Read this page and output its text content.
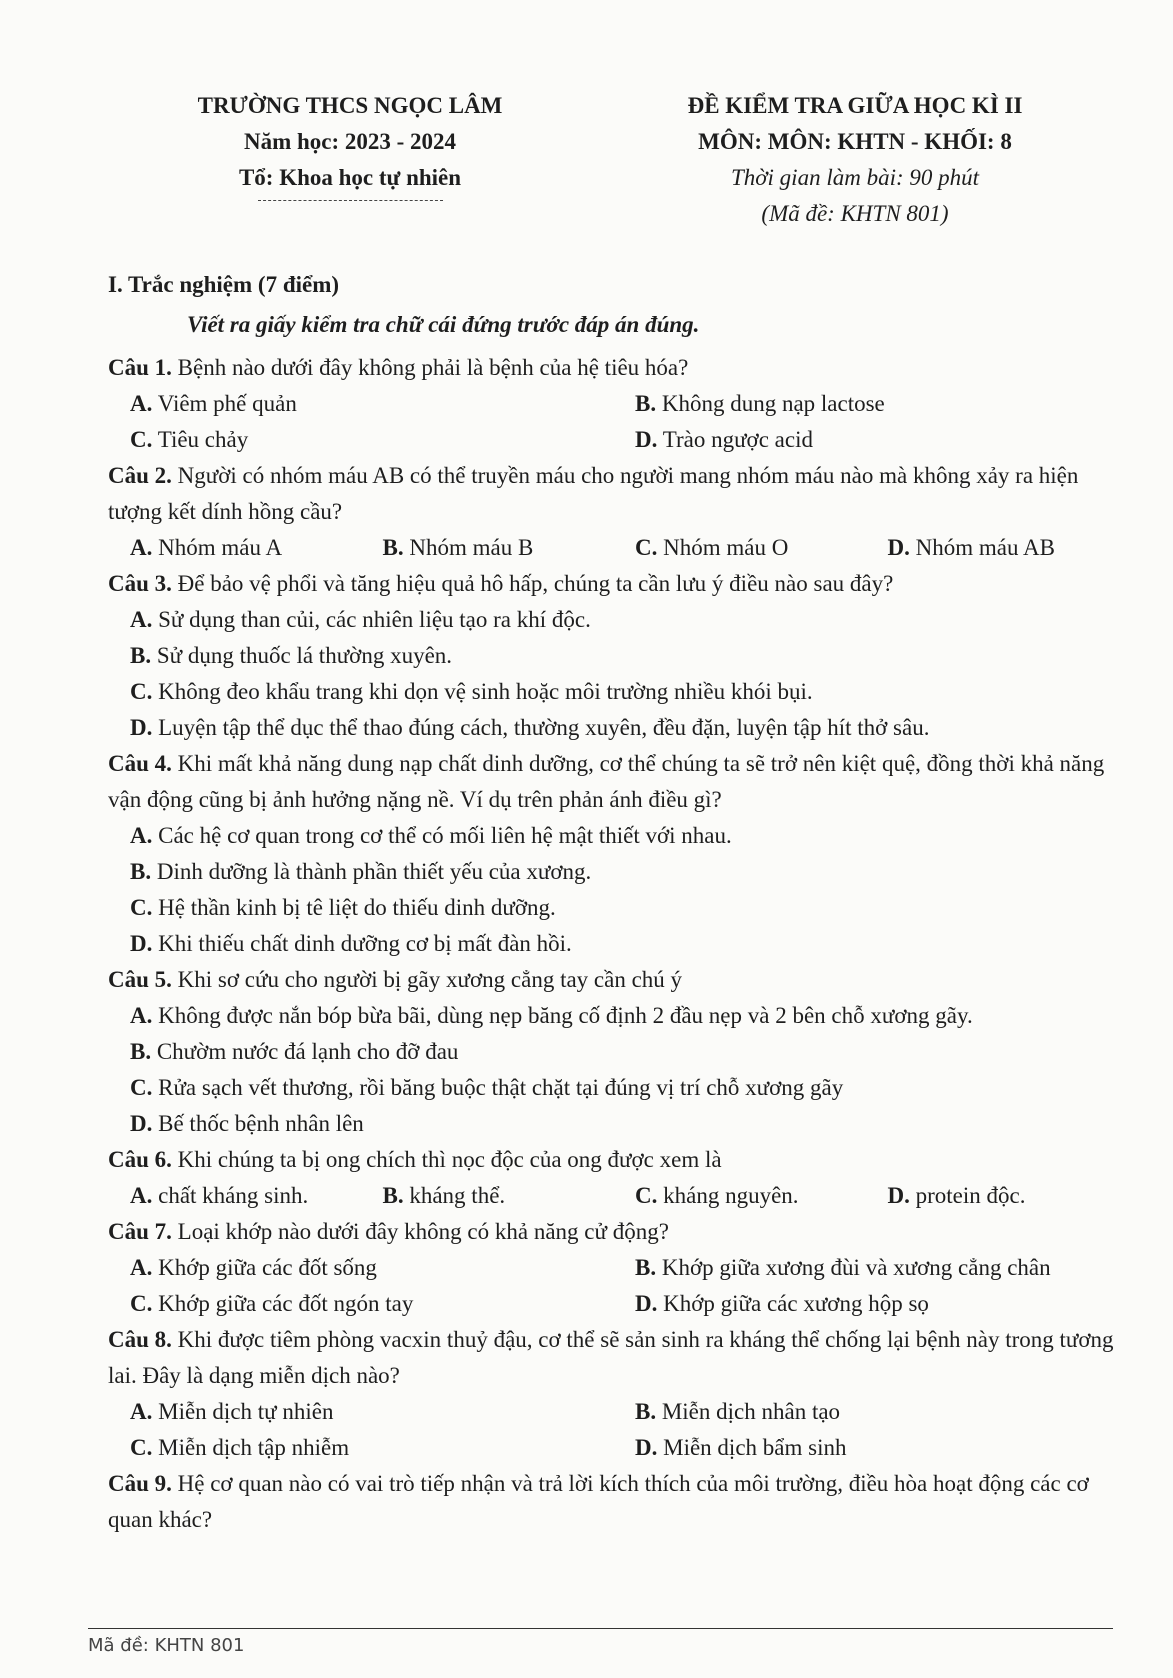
TRƯỜNG THCS NGỌC LÂM
Năm học: 2023 - 2024
Tổ: Khoa học tự nhiên
ĐỀ KIỂM TRA GIỮA HỌC KÌ II
MÔN: MÔN: KHTN - KHỐI: 8
Thời gian làm bài: 90 phút
(Mã đề: KHTN 801)
I. Trắc nghiệm (7 điểm)
Viết ra giấy kiểm tra chữ cái đứng trước đáp án đúng.
Câu 1. Bệnh nào dưới đây không phải là bệnh của hệ tiêu hóa?
A. Viêm phế quản	B. Không dung nạp lactose
C. Tiêu chảy	D. Trào ngược acid
Câu 2. Người có nhóm máu AB có thể truyền máu cho người mang nhóm máu nào mà không xảy ra hiện tượng kết dính hồng cầu?
A. Nhóm máu A	B. Nhóm máu B	C. Nhóm máu O	D. Nhóm máu AB
Câu 3. Để bảo vệ phổi và tăng hiệu quả hô hấp, chúng ta cần lưu ý điều nào sau đây?
A. Sử dụng than củi, các nhiên liệu tạo ra khí độc.
B. Sử dụng thuốc lá thường xuyên.
C. Không đeo khẩu trang khi dọn vệ sinh hoặc môi trường nhiều khói bụi.
D. Luyện tập thể dục thể thao đúng cách, thường xuyên, đều đặn, luyện tập hít thở sâu.
Câu 4. Khi mất khả năng dung nạp chất dinh dưỡng, cơ thể chúng ta sẽ trở nên kiệt quệ, đồng thời khả năng vận động cũng bị ảnh hưởng nặng nề. Ví dụ trên phản ánh điều gì?
A. Các hệ cơ quan trong cơ thể có mối liên hệ mật thiết với nhau.
B. Dinh dưỡng là thành phần thiết yếu của xương.
C. Hệ thần kinh bị tê liệt do thiếu dinh dưỡng.
D. Khi thiếu chất dinh dưỡng cơ bị mất đàn hồi.
Câu 5. Khi sơ cứu cho người bị gãy xương cẳng tay cần chú ý
A. Không được nắn bóp bừa bãi, dùng nẹp băng cố định 2 đầu nẹp và 2 bên chỗ xương gãy.
B. Chườm nước đá lạnh cho đỡ đau
C. Rửa sạch vết thương, rồi băng buộc thật chặt tại đúng vị trí chỗ xương gãy
D. Bế thốc bệnh nhân lên
Câu 6. Khi chúng ta bị ong chích thì nọc độc của ong được xem là
A. chất kháng sinh.	B. kháng thể.	C. kháng nguyên.	D. protein độc.
Câu 7. Loại khớp nào dưới đây không có khả năng cử động?
A. Khớp giữa các đốt sống	B. Khớp giữa xương đùi và xương cẳng chân
C. Khớp giữa các đốt ngón tay	D. Khớp giữa các xương hộp sọ
Câu 8. Khi được tiêm phòng vacxin thuỷ đậu, cơ thể sẽ sản sinh ra kháng thể chống lại bệnh này trong tương lai. Đây là dạng miễn dịch nào?
A. Miễn dịch tự nhiên	B. Miễn dịch nhân tạo
C. Miễn dịch tập nhiễm	D. Miễn dịch bẩm sinh
Câu 9. Hệ cơ quan nào có vai trò tiếp nhận và trả lời kích thích của môi trường, điều hòa hoạt động các cơ quan khác?
Mã đề: KHTN 801
